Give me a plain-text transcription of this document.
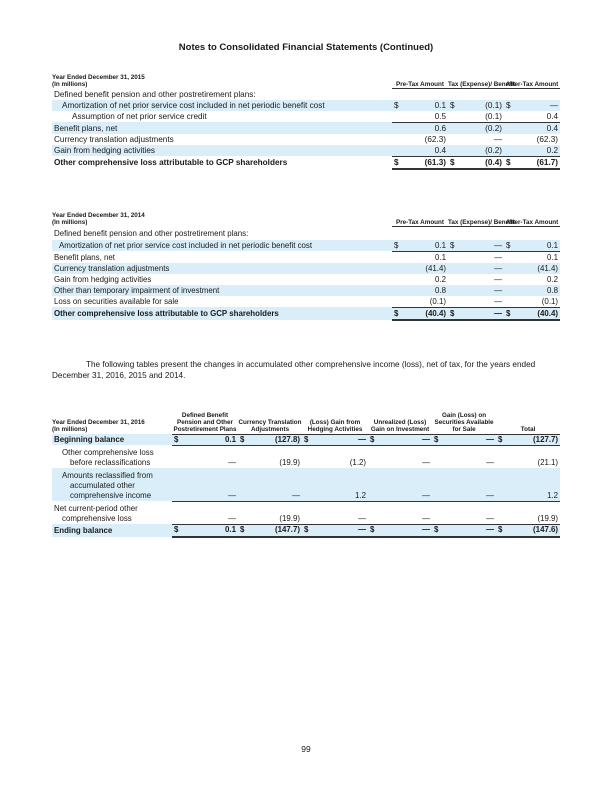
Notes to Consolidated Financial Statements (Continued)
Year Ended December 31, 2015	Pre-Tax Amount		Tax (Expense)/ Benefit		After-Tax Amount	
(In millions)						
Defined benefit pension and other postretirement plans:						
Amortization of net prior service cost included in net periodic benefit cost	$	0.1	$	(0.1)	$	—
Assumption of net prior service credit		0.5		(0.1)		0.4
Benefit plans, net		0.6		(0.2)		0.4
Currency translation adjustments		(62.3)		—		(62.3)
Gain from hedging activities		0.4		(0.2)		0.2
Other comprehensive loss attributable to GCP shareholders	$	(61.3)	$	(0.4)	$	(61.7)
Year Ended December 31, 2014	Pre-Tax Amount		Tax (Expense)/ Benefit		After-Tax Amount	
(In millions)						
Defined benefit pension and other postretirement plans:						
Amortization of net prior service cost included in net periodic benefit cost	$	0.1	$	—	$	0.1
Benefit plans, net		0.1		—		0.1
Currency translation adjustments		(41.4)		—		(41.4)
Gain from hedging activities		0.2		—		0.2
Other than temporary impairment of investment		0.8		—		0.8
Loss on securities available for sale		(0.1)		—		(0.1)
Other comprehensive loss attributable to GCP shareholders	$	(40.4)	$	—	$	(40.4)
The following tables present the changes in accumulated other comprehensive income (loss), net of tax, for the years ended December 31, 2016, 2015 and 2014.
Year Ended December 31, 2016
(In millions)	Defined Benefit Pension and Other Postretirement Plans		Currency Translation Adjustments		(Loss) Gain from Hedging Activities		Unrealized (Loss) Gain on Investment		Gain (Loss) on Securities Available for Sale		Total	
Beginning balance	$	0.1	$	(127.8)	$	—	$	—	$	—	$	(127.7)
Other comprehensive loss before reclassifications		—		(19.9)		(1.2)		—		—		(21.1)
Amounts reclassified from accumulated other comprehensive income		—		—		1.2		—		—		1.2
Net current-period other comprehensive loss		—		(19.9)		—		—		—		(19.9)
Ending balance	$	0.1	$	(147.7)	$	—	$	—	$	—	$	(147.6)
99
